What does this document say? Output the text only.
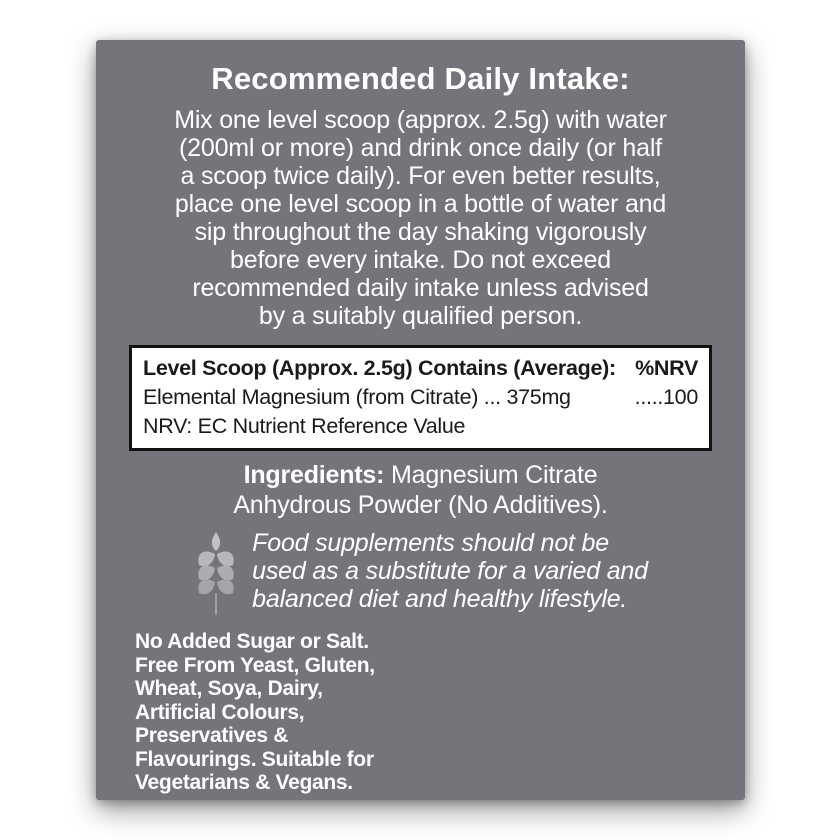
Recommended Daily Intake:
Mix one level scoop (approx. 2.5g) with water
(200ml or more) and drink once daily (or half
a scoop twice daily). For even better results,
place one level scoop in a bottle of water and
sip throughout the day shaking vigorously
before every intake. Do not exceed
recommended daily intake unless advised
by a suitably qualified person.
Level Scoop (Approx. 2.5g) Contains (Average): %NRV
Elemental Magnesium (from Citrate) ... 375mg	.....100
NRV: EC Nutrient Reference Value
Ingredients: Magnesium Citrate
Anhydrous Powder (No Additives).
Food supplements should not be
used as a substitute for a varied and
balanced diet and healthy lifestyle.
No Added Sugar or Salt.
Free From Yeast, Gluten,
Wheat, Soya, Dairy,
Artificial Colours,
Preservatives &
Flavourings. Suitable for
Vegetarians & Vegans.
